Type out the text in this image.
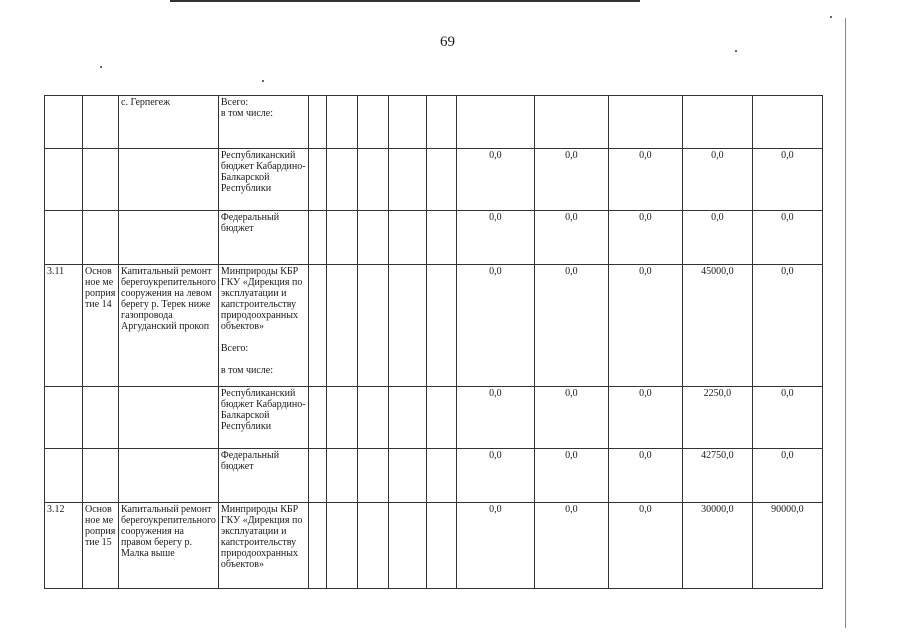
69
		с. Герпегеж	Всего:
в том числе:										
			Республиканский бюджет Кабардино-Балкарской Республики						0,0	0,0	0,0	0,0	0,0
			Федеральный бюджет						0,0	0,0	0,0	0,0	0,0
3.11	Основное мероприятие 14	Капитальный ремонт берегоукрепительного сооружения на левом берегу р. Терек ниже газопровода Аргуданский прокоп	Минприроды КБР ГКУ «Дирекция по эксплуатации и капстроительству природоохранных объектов»

Всего:

в том числе:						0,0	0,0	0,0	45000,0	0,0
			Республиканский бюджет Кабардино-Балкарской Республики						0,0	0,0	0,0	2250,0	0,0
			Федеральный бюджет						0,0	0,0	0,0	42750,0	0,0
3.12	Основное мероприятие 15	Капитальный ремонт берегоукрепительного сооружения на правом берегу р. Малка выше	Минприроды КБР ГКУ «Дирекция по эксплуатации и капстроительству природоохранных объектов»						0,0	0,0	0,0	30000,0	90000,0
